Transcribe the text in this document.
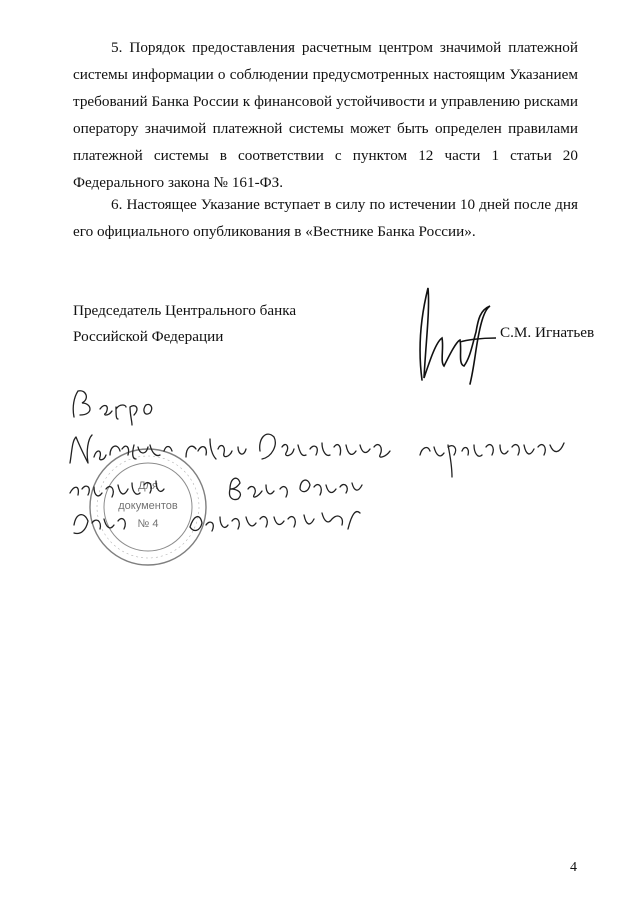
5. Порядок предоставления расчетным центром значимой платежной системы информации о соблюдении предусмотренных настоящим Указанием требований Банка России к финансовой устойчивости и управлению рисками оператору значимой платежной системы может быть определен правилами платежной системы в соответствии с пунктом 12 части 1 статьи 20 Федерального закона № 161-ФЗ.
6. Настоящее Указание вступает в силу по истечении 10 дней после дня его официального опубликования в «Вестнике Банка России».
Председатель Центрального банка
Российской Федерации	С.М. Игнатьев
Для
документов
№ 4
4
